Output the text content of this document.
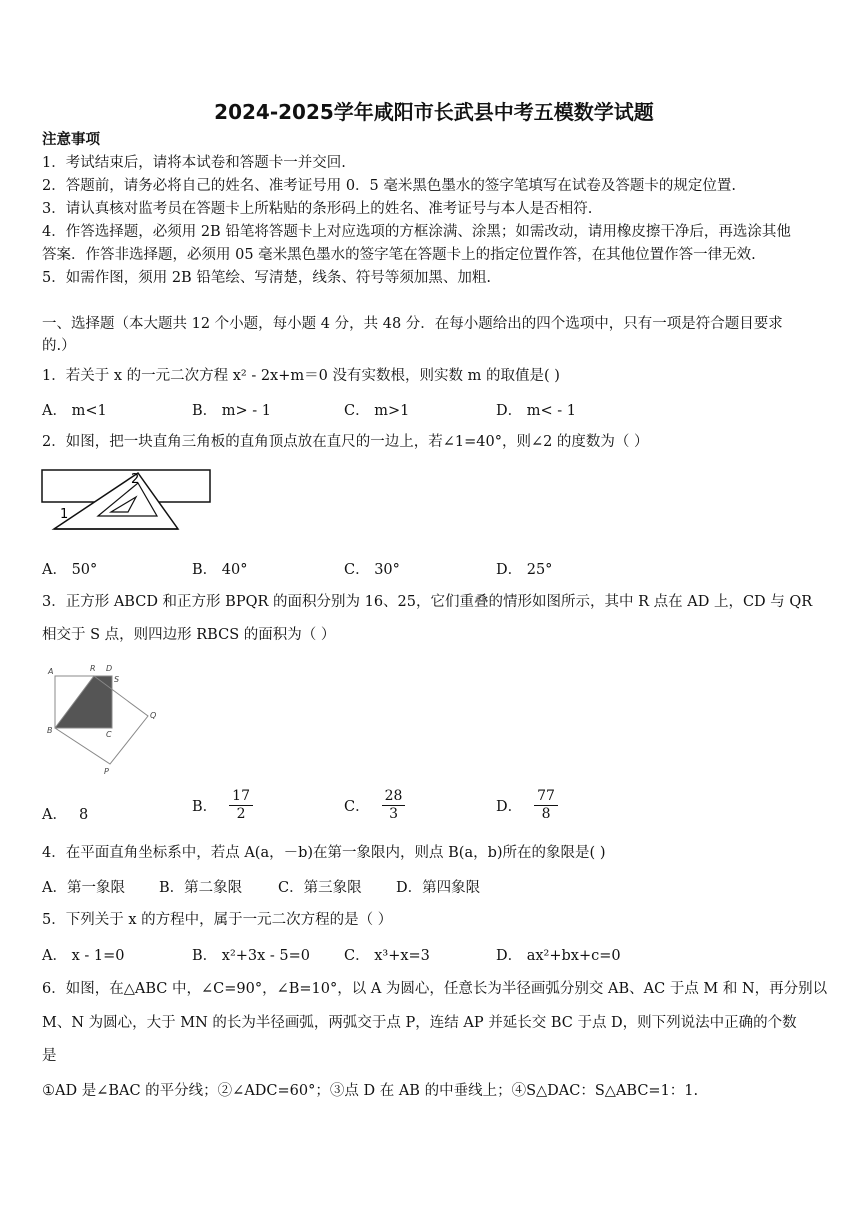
2024-2025学年咸阳市长武县中考五模数学试题
注意事项
1．考试结束后，请将本试卷和答题卡一并交回.
2．答题前，请务必将自己的姓名、准考证号用 0．5 毫米黑色墨水的签字笔填写在试卷及答题卡的规定位置.
3．请认真核对监考员在答题卡上所粘贴的条形码上的姓名、准考证号与本人是否相符.
4．作答选择题，必须用 2B 铅笔将答题卡上对应选项的方框涂满、涂黑；如需改动，请用橡皮擦干净后，再选涂其他
答案．作答非选择题，必须用 05 毫米黑色墨水的签字笔在答题卡上的指定位置作答，在其他位置作答一律无效.
5．如需作图，须用 2B 铅笔绘、写清楚，线条、符号等须加黑、加粗.
一、选择题（本大题共 12 个小题，每小题 4 分，共 48 分．在每小题给出的四个选项中，只有一项是符合题目要求
的.）
1．若关于 x 的一元二次方程 x² - 2x+m＝0 没有实数根，则实数 m 的取值是( )
A． m<1	B． m> - 1	C． m>1	D． m< - 1
2．如图，把一块直角三角板的直角顶点放在直尺的一边上，若∠1=40°，则∠2 的度数为（ ）
2
1
A． 50°	B． 40°	C． 30°	D． 25°
3．正方形 ABCD 和正方形 BPQR 的面积分别为 16、25，它们重叠的情形如图所示，其中 R 点在 AD 上，CD 与 QR
相交于 S 点，则四边形 RBCS 的面积为（ ）
A	R D
S
B	C
Q
P
A． 8	B． $\frac{17}{2}$	C． $\frac{28}{3}$	D． $\frac{77}{8}$
4．在平面直角坐标系中，若点 A(a，－b)在第一象限内，则点 B(a，b)所在的象限是( )
A．第一象限 B．第二象限 C．第三象限 D．第四象限
5．下列关于 x 的方程中，属于一元二次方程的是（ ）
A． x - 1=0	B． x²+3x - 5=0 C． x³+x=3	D． ax²+bx+c=0
6．如图，在△ABC 中，∠C=90°，∠B=10°，以 A 为圆心，任意长为半径画弧分别交 AB、AC 于点 M 和 N，再分别以
M、N 为圆心，大于 MN 的长为半径画弧，两弧交于点 P，连结 AP 并延长交 BC 于点 D，则下列说法中正确的个数
是
①AD 是∠BAC 的平分线；②∠ADC=60°；③点 D 在 AB 的中垂线上；④S△DAC：S△ABC=1：1.
